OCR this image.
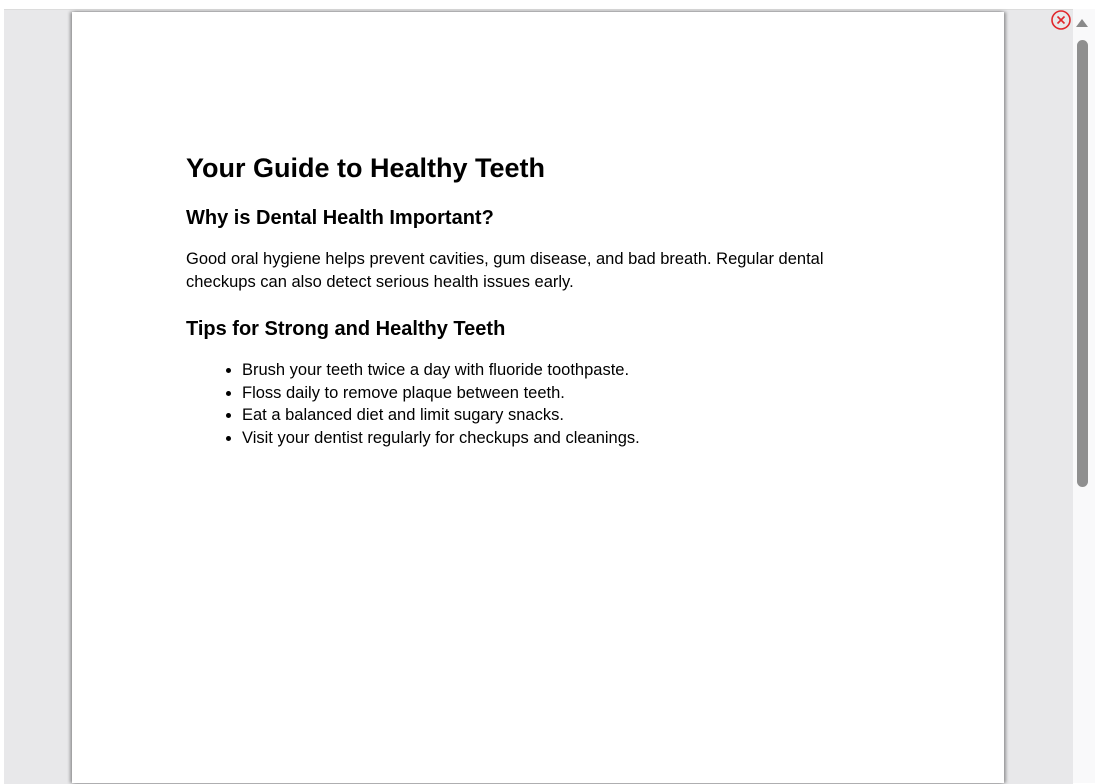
Your Guide to Healthy Teeth
Why is Dental Health Important?

Good oral hygiene helps prevent cavities, gum disease, and bad breath. Regular dental checkups can also detect serious health issues early.

Tips for Strong and Healthy Teeth
• Brush your teeth twice a day with fluoride toothpaste.
• Floss daily to remove plaque between teeth.
• Eat a balanced diet and limit sugary snacks.
• Visit your dentist regularly for checkups and cleanings.
